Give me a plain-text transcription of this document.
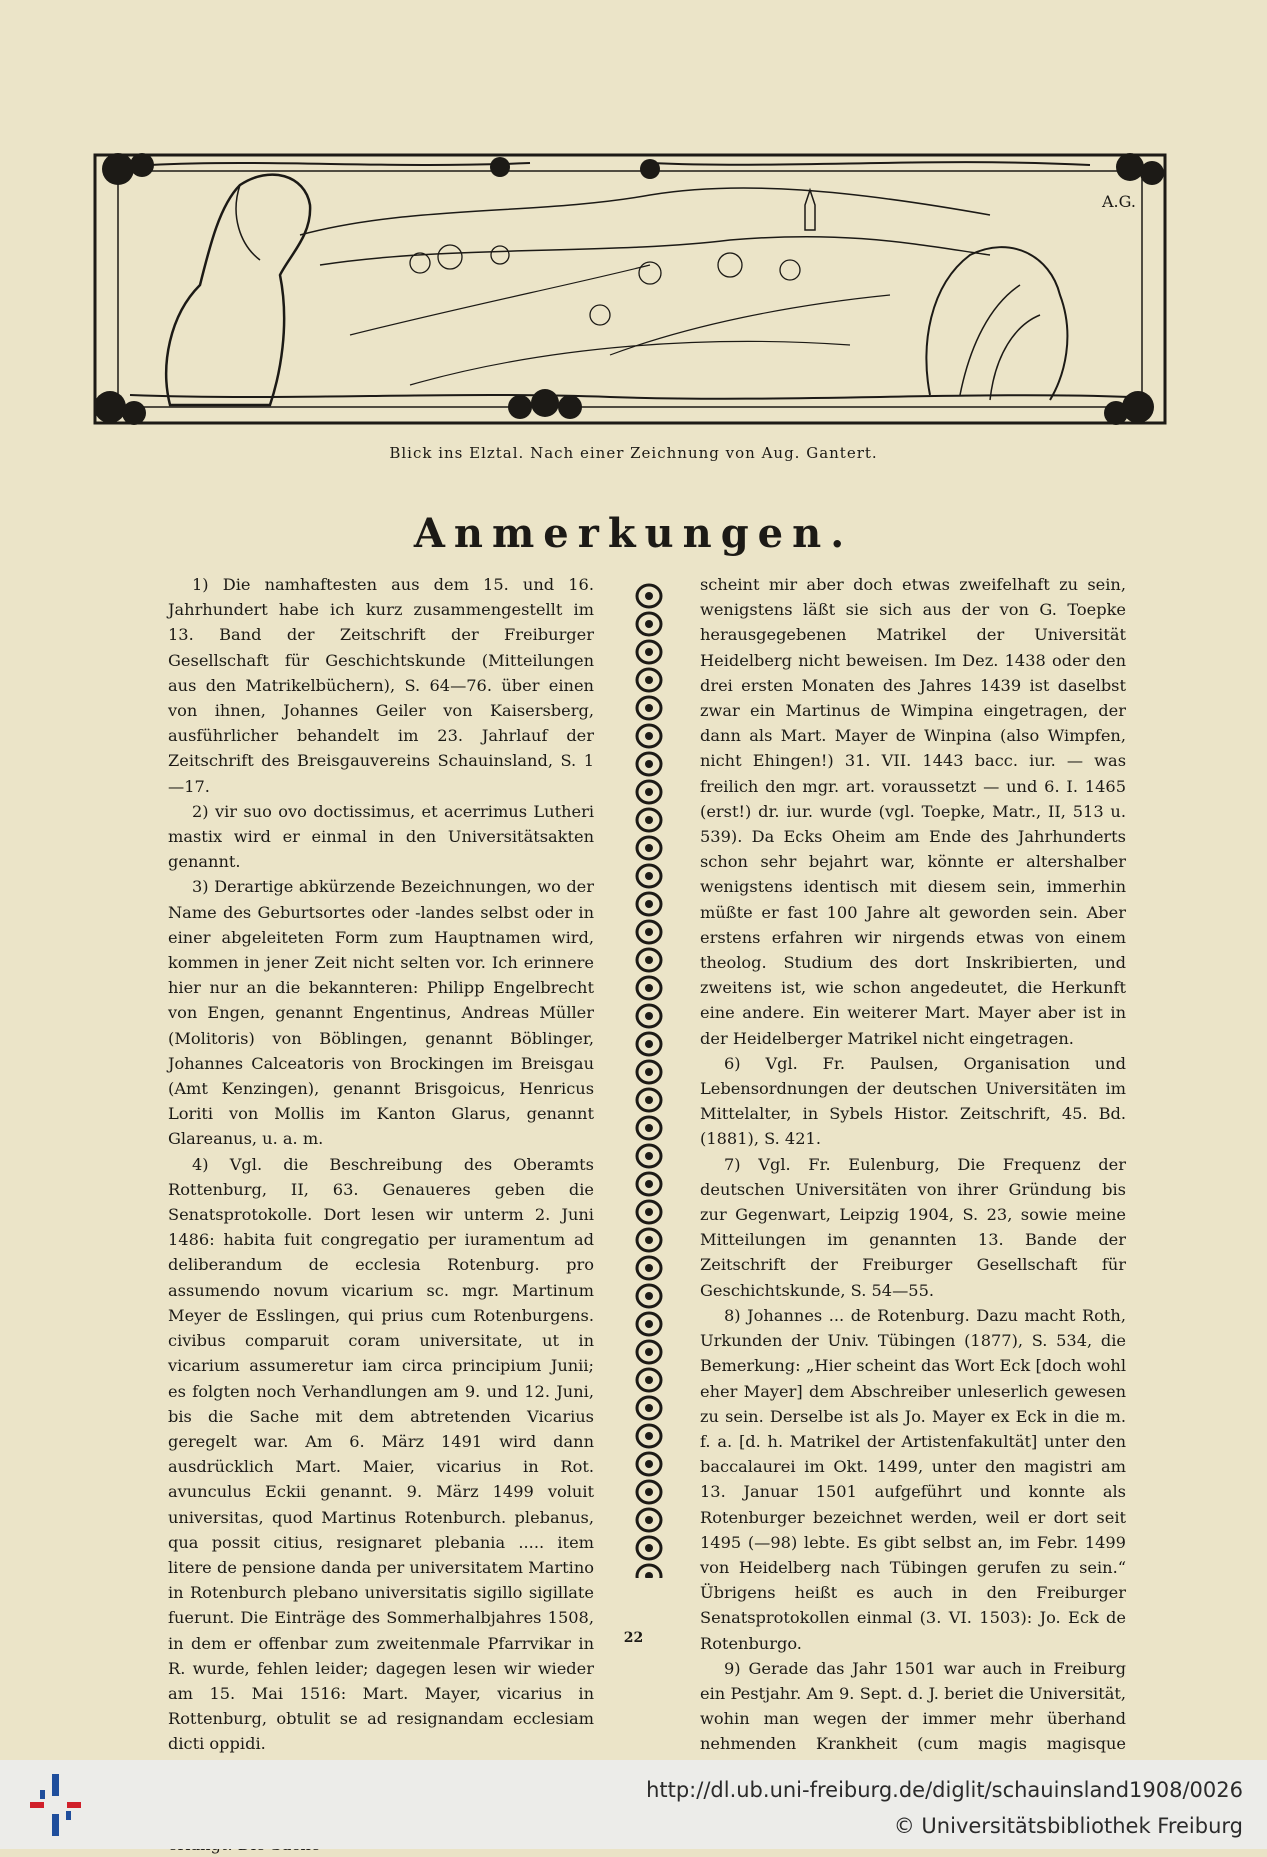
A.G.
Blick ins Elztal. Nach einer Zeichnung von Aug. Gantert.
Anmerkungen.

1) Die namhaftesten aus dem 15. und 16. Jahrhundert habe ich kurz zusammengestellt im 13. Band der Zeitschrift der Freiburger Gesellschaft für Geschichtskunde (Mitteilungen aus den Matrikelbüchern), S. 64—76. über einen von ihnen, Johannes Geiler von Kaisersberg, ausführlicher behandelt im 23. Jahrlauf der Zeitschrift des Breisgauvereins Schauinsland, S. 1—17.

2) vir suo ovo doctissimus, et acerrimus Lutheri mastix wird er einmal in den Universitätsakten genannt.

3) Derartige abkürzende Bezeichnungen, wo der Name des Geburtsortes oder -landes selbst oder in einer abgeleiteten Form zum Hauptnamen wird, kommen in jener Zeit nicht selten vor. Ich erinnere hier nur an die bekannteren: Philipp Engelbrecht von Engen, genannt Engentinus, Andreas Müller (Molitoris) von Böblingen, genannt Böblinger, Johannes Calceatoris von Brockingen im Breisgau (Amt Kenzingen), genannt Brisgoicus, Henricus Loriti von Mollis im Kanton Glarus, genannt Glareanus, u. a. m.

4) Vgl. die Beschreibung des Oberamts Rottenburg, II, 63. Genaueres geben die Senatsprotokolle. Dort lesen wir unterm 2. Juni 1486: habita fuit congregatio per iuramentum ad deliberandum de ecclesia Rotenburg. pro assumendo novum vicarium sc. mgr. Martinum Meyer de Esslingen, qui prius cum Rotenburgens. civibus comparuit coram universitate, ut in vicarium assumeretur iam circa principium Junii; es folgten noch Verhandlungen am 9. und 12. Juni, bis die Sache mit dem abtretenden Vicarius geregelt war. Am 6. März 1491 wird dann ausdrücklich Mart. Maier, vicarius in Rot. avunculus Eckii genannt. 9. März 1499 voluit universitas, quod Martinus Rotenburch. plebanus, qua possit citius, resignaret plebania ..... item litere de pensione danda per universitatem Martino in Rotenburch plebano universitatis sigillo sigillate fuerunt. Die Einträge des Sommerhalbjahres 1508, in dem er offenbar zum zweitenmale Pfarrvikar in R. wurde, fehlen leider; dagegen lesen wir wieder am 15. Mai 1516: Mart. Mayer, vicarius in Rottenburg, obtulit se ad resignandam ecclesiam dicti oppidi.

scheint mir aber doch etwas zweifelhaft zu sein, wenigstens läßt sie sich aus der von G. Toepke herausgegebenen Matrikel der Universität Heidelberg nicht beweisen. Im Dez. 1438 oder den drei ersten Monaten des Jahres 1439 ist daselbst zwar ein Martinus de Wimpina eingetragen, der dann als Mart. Mayer de Winpina (also Wimpfen, nicht Ehingen!) 31. VII. 1443 bacc. iur. — was freilich den mgr. art. voraussetzt — und 6. I. 1465 (erst!) dr. iur. wurde (vgl. Toepke, Matr., II, 513 u. 539). Da Ecks Oheim am Ende des Jahrhunderts schon sehr bejahrt war, könnte er altershalber wenigstens identisch mit diesem sein, immerhin müßte er fast 100 Jahre alt geworden sein. Aber erstens erfahren wir nirgends etwas von einem theolog. Studium des dort Inskribierten, und zweitens ist, wie schon angedeutet, die Herkunft eine andere. Ein weiterer Mart. Mayer aber ist in der Heidelberger Matrikel nicht eingetragen.

6) Vgl. Fr. Paulsen, Organisation und Lebensordnungen der deutschen Universitäten im Mittelalter, in Sybels Histor. Zeitschrift, 45. Bd. (1881), S. 421.

7) Vgl. Fr. Eulenburg, Die Frequenz der deutschen Universitäten von ihrer Gründung bis zur Gegenwart, Leipzig 1904, S. 23, sowie meine Mitteilungen im genannten 13. Bande der Zeitschrift der Freiburger Gesellschaft für Geschichtskunde, S. 54—55.

8) Johannes ... de Rotenburg. Dazu macht Roth, Urkunden der Univ. Tübingen (1877), S. 534, die Bemerkung: „Hier scheint das Wort Eck [doch wohl eher Mayer] dem Abschreiber unleserlich gewesen zu sein. Derselbe ist als Jo. Mayer ex Eck in die m. f. a. [d. h. Matrikel der Artistenfakultät] unter den baccalaurei im Okt. 1499, unter den magistri am 13. Januar 1501 aufgeführt und konnte als Rotenburger bezeichnet werden, weil er dort seit 1495 (—98) lebte. Es gibt selbst an, im Febr. 1499 von Heidelberg nach Tübingen gerufen zu sein.“ Übrigens heißt es auch in den Freiburger Senatsprotokollen einmal (3. VI. 1503): Jo. Eck de Rotenburgo.

9) Gerade das Jahr 1501 war auch in Freiburg ein Pestjahr. Am 9. Sept. d. J. beriet die Universität, wohin man wegen der immer mehr überhand nehmenden Krankheit (cum magis magisque

22
http://dl.ub.uni-freiburg.de/diglit/schauinsland1908/0026
© Universitätsbibliothek Freiburg
